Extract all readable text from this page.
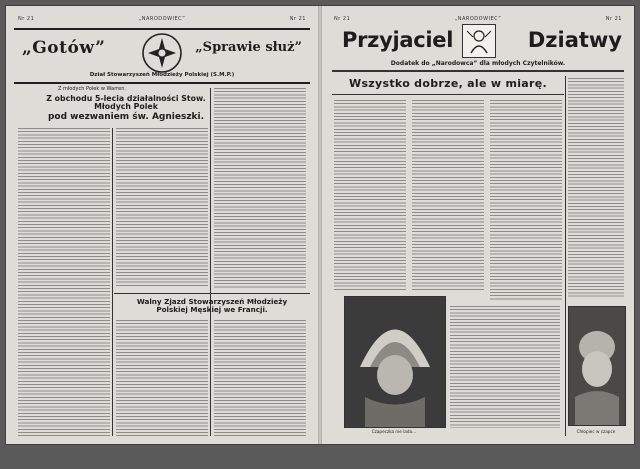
Nr 21	„NARODOWIEC”	Nr 21
„Gotów”	„Sprawie służ”
Dział Stowarzyszeń Młodzieży Polskiej (S.M.P.)
Z młodych Polek w Warren.
Z obchodu 5-lecia działalności Stow. Młodych Polek
pod wezwaniem św. Agnieszki.
Walny Zjazd Stowarzyszeń Młodzieży Polskiej Męskiej we Francji.
Nr 21	„NARODOWIEC”	Nr 21
Przyjaciel	Dziatwy
Dodatek do „Narodowca” dla młodych Czytelników.
Wszystko dobrze, ale w miarę.
Czapeczka nie lada…	Chłopiec w czapce
